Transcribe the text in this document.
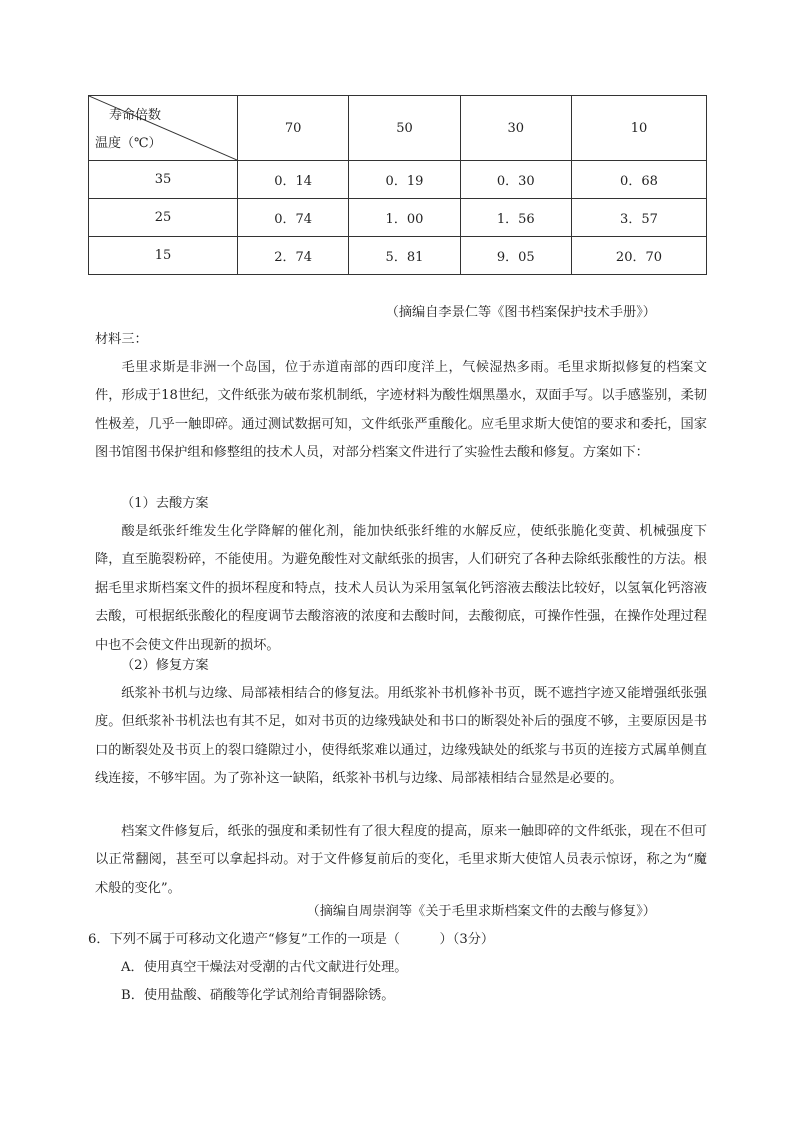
寿命倍数
温度（℃）	70	50	30	10
35	0．14	0．19	0．30	0．68
25	0．74	1．00	1．56	3．57
15	2．74	5．81	9．05	20．70
（摘编自李景仁等《图书档案保护技术手册》）
材料三：
毛里求斯是非洲一个岛国，位于赤道南部的西印度洋上，气候湿热多雨。毛里求斯拟修复的档案文件，形成于18世纪，文件纸张为破布浆机制纸，字迹材料为酸性烟黑墨水，双面手写。以手感鉴别，柔韧性极差，几乎一触即碎。通过测试数据可知，文件纸张严重酸化。应毛里求斯大使馆的要求和委托，国家图书馆图书保护组和修整组的技术人员，对部分档案文件进行了实验性去酸和修复。方案如下：
（1）去酸方案
酸是纸张纤维发生化学降解的催化剂，能加快纸张纤维的水解反应，使纸张脆化变黄、机械强度下降，直至脆裂粉碎，不能使用。为避免酸性对文献纸张的损害，人们研究了各种去除纸张酸性的方法。根据毛里求斯档案文件的损坏程度和特点，技术人员认为采用氢氧化钙溶液去酸法比较好，以氢氧化钙溶液去酸，可根据纸张酸化的程度调节去酸溶液的浓度和去酸时间，去酸彻底，可操作性强，在操作处理过程中也不会使文件出现新的损坏。
（2）修复方案
纸浆补书机与边缘、局部裱相结合的修复法。用纸浆补书机修补书页，既不遮挡字迹又能增强纸张强度。但纸浆补书机法也有其不足，如对书页的边缘残缺处和书口的断裂处补后的强度不够，主要原因是书口的断裂处及书页上的裂口缝隙过小，使得纸浆难以通过，边缘残缺处的纸浆与书页的连接方式属单侧直线连接，不够牢固。为了弥补这一缺陷，纸浆补书机与边缘、局部裱相结合显然是必要的。
档案文件修复后，纸张的强度和柔韧性有了很大程度的提高，原来一触即碎的文件纸张，现在不但可以正常翻阅，甚至可以拿起抖动。对于文件修复前后的变化，毛里求斯大使馆人员表示惊讶，称之为“魔术般的变化”。
（摘编自周崇润等《关于毛里求斯档案文件的去酸与修复》）
6．下列不属于可移动文化遗产“修复”工作的一项是（　　　）（3分）
A．使用真空干燥法对受潮的古代文献进行处理。
B．使用盐酸、硝酸等化学试剂给青铜器除锈。
